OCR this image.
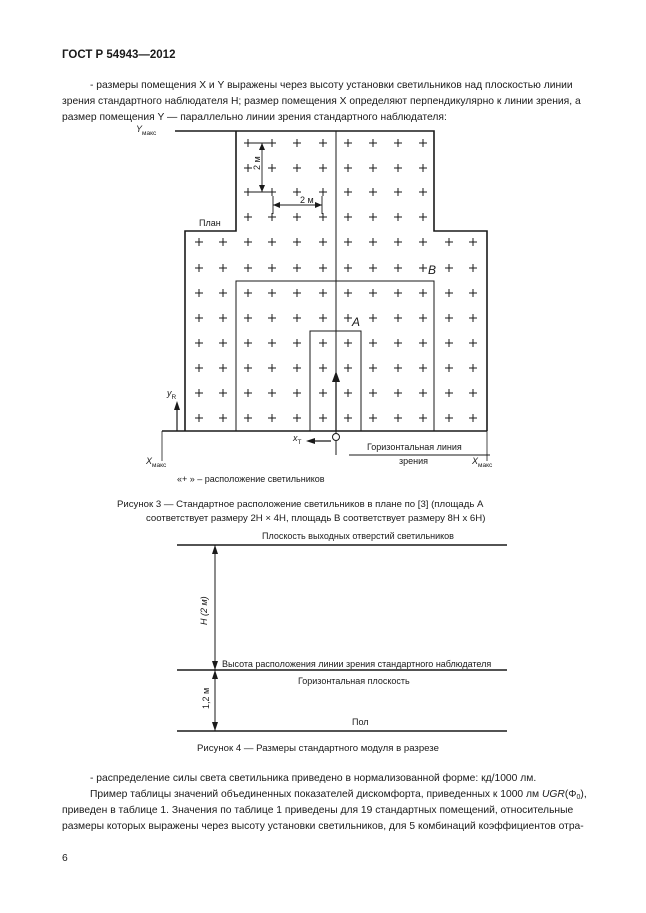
ГОСТ Р 54943—2012
- размеры помещения X и Y выражены через высоту установки светильников над плоскостью линии
зрения стандартного наблюдателя H; размер помещения X определяют перпендикулярно к линии зрения, а
размер помещения Y — параллельно линии зрения стандартного наблюдателя:
$Y_{макс}$
План
2 м
2 м
B
A
$y_R$
$x_T$
$X_{макс}$	$X_{макс}$
Горизонтальная линия
зрения
«+ » – расположение светильников
Рисунок 3 — Стандартное расположение светильников в плане по [3] (площадь A
соответствует размеру 2H × 4H, площадь B соответствует размеру 8H x 6H)
Плоскость выходных отверстий светильников
H (2 м)
Высота расположения линии зрения стандартного наблюдателя
Горизонтальная плоскость
1,2 м
Пол
Рисунок 4 — Размеры стандартного модуля в разрезе
- распределение силы света светильника приведено в нормализованной форме: кд/1000 лм.
Пример таблицы значений объединенных показателей дискомфорта, приведенных к 1000 лм UGR(Φ0),
приведен в таблице 1. Значения по таблице 1 приведены для 19 стандартных помещений, относительные
размеры которых выражены через высоту установки светильников, для 5 комбинаций коэффициентов отра-
6
